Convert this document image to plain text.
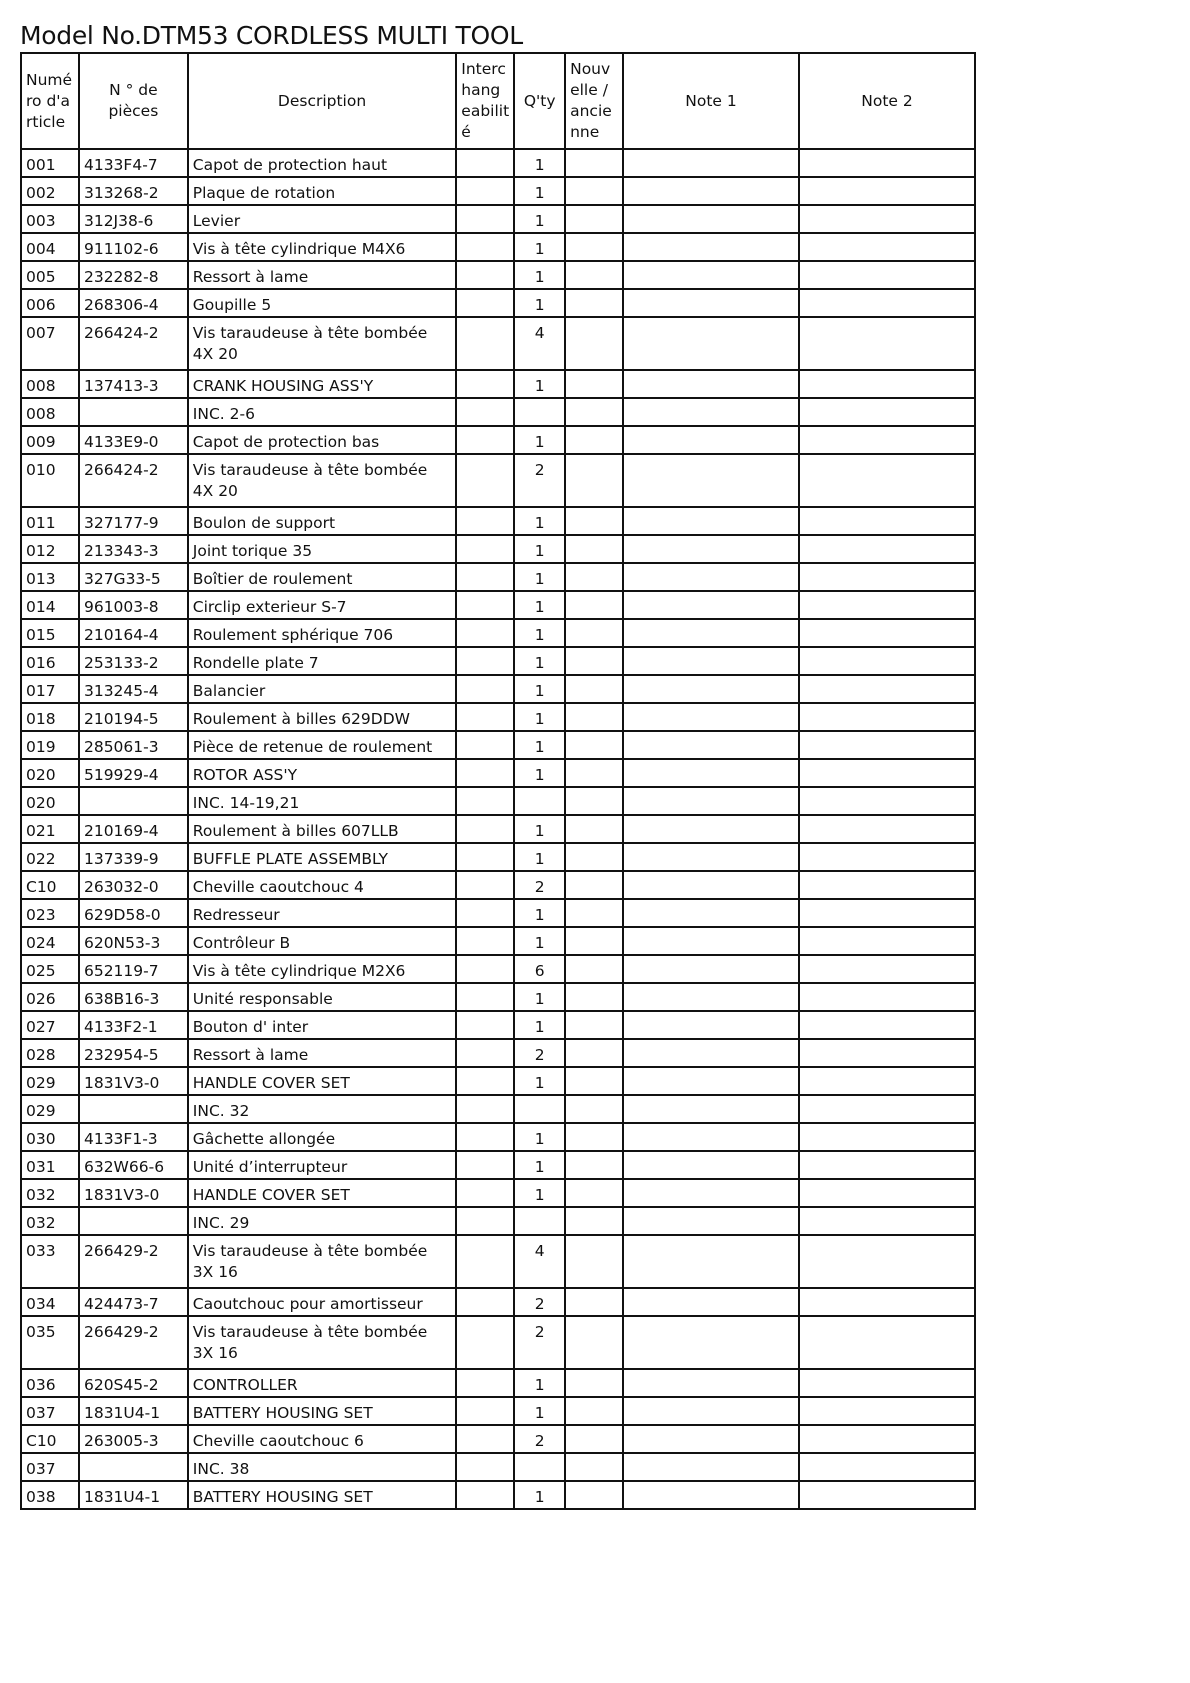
Model No.DTM53 CORDLESS MULTI TOOL
Numé ro d'a rticle	N ° de pièces	Description	Interc hang eabilit é	Q'ty	Nouv elle / ancie nne	Note 1	Note 2
001	4133F4-7	Capot de protection haut		1			
002	313268-2	Plaque de rotation		1			
003	312J38-6	Levier		1			
004	911102-6	Vis à tête cylindrique M4X6		1			
005	232282-8	Ressort à lame		1			
006	268306-4	Goupille 5		1			
007	266424-2	Vis taraudeuse à tête bombée 4X 20		4			
008	137413-3	CRANK HOUSING ASS'Y		1			
008		INC. 2-6					
009	4133E9-0	Capot de protection bas		1			
010	266424-2	Vis taraudeuse à tête bombée 4X 20		2			
011	327177-9	Boulon de support		1			
012	213343-3	Joint torique 35		1			
013	327G33-5	Boîtier de roulement		1			
014	961003-8	Circlip exterieur S-7		1			
015	210164-4	Roulement sphérique 706		1			
016	253133-2	Rondelle plate 7		1			
017	313245-4	Balancier		1			
018	210194-5	Roulement à billes 629DDW		1			
019	285061-3	Pièce de retenue de roulement		1			
020	519929-4	ROTOR ASS'Y		1			
020		INC. 14-19,21					
021	210169-4	Roulement à billes 607LLB		1			
022	137339-9	BUFFLE PLATE ASSEMBLY		1			
C10	263032-0	Cheville caoutchouc 4		2			
023	629D58-0	Redresseur		1			
024	620N53-3	Contrôleur B		1			
025	652119-7	Vis à tête cylindrique M2X6		6			
026	638B16-3	Unité responsable		1			
027	4133F2-1	Bouton d' inter		1			
028	232954-5	Ressort à lame		2			
029	1831V3-0	HANDLE COVER SET		1			
029		INC. 32					
030	4133F1-3	Gâchette allongée		1			
031	632W66-6	Unité d’interrupteur		1			
032	1831V3-0	HANDLE COVER SET		1			
032		INC. 29					
033	266429-2	Vis taraudeuse à tête bombée 3X 16		4			
034	424473-7	Caoutchouc pour amortisseur		2			
035	266429-2	Vis taraudeuse à tête bombée 3X 16		2			
036	620S45-2	CONTROLLER		1			
037	1831U4-1	BATTERY HOUSING SET		1			
C10	263005-3	Cheville caoutchouc 6		2			
037		INC. 38					
038	1831U4-1	BATTERY HOUSING SET		1			
